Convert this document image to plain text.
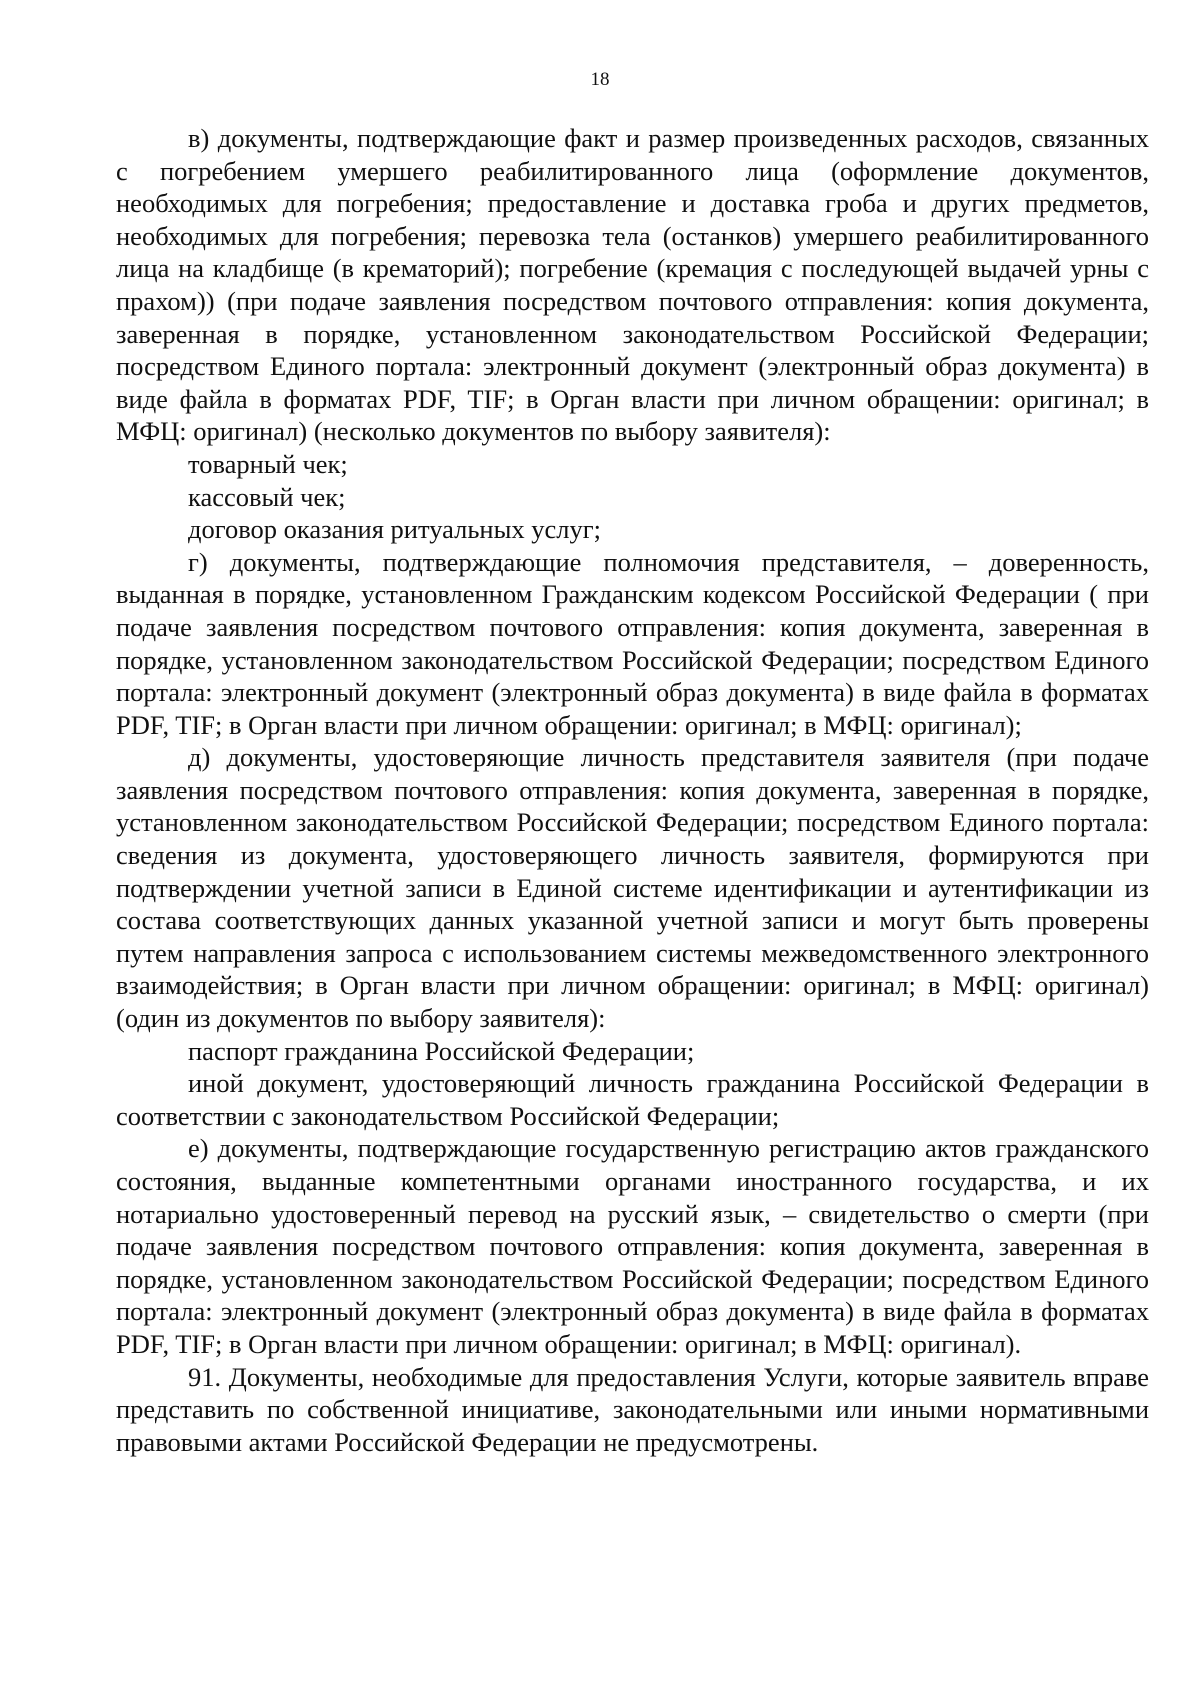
18

в) документы, подтверждающие факт и размер произведенных расходов, связанных с погребением умершего реабилитированного лица (оформление документов, необходимых для погребения; предоставление и доставка гроба и других предметов, необходимых для погребения; перевозка тела (останков) умершего реабилитированного лица на кладбище (в крематорий); погребение (кремация с последующей выдачей урны с прахом)) (при подаче заявления посредством почтового отправления: копия документа, заверенная в порядке, установленном законодательством Российской Федерации; посредством Единого портала: электронный документ (электронный образ документа) в виде файла в форматах PDF, TIF; в Орган власти при личном обращении: оригинал; в МФЦ: оригинал) (несколько документов по выбору заявителя):

товарный чек;

кассовый чек;

договор оказания ритуальных услуг;

г) документы, подтверждающие полномочия представителя, – доверенность, выданная в порядке, установленном Гражданским кодексом Российской Федерации ( при подаче заявления посредством почтового отправления: копия документа, заверенная в порядке, установленном законодательством Российской Федерации; посредством Единого портала: электронный документ (электронный образ документа) в виде файла в форматах PDF, TIF; в Орган власти при личном обращении: оригинал; в МФЦ: оригинал);

д) документы, удостоверяющие личность представителя заявителя (при подаче заявления посредством почтового отправления: копия документа, заверенная в порядке, установленном законодательством Российской Федерации; посредством Единого портала: сведения из документа, удостоверяющего личность заявителя, формируются при подтверждении учетной записи в Единой системе идентификации и аутентификации из состава соответствующих данных указанной учетной записи и могут быть проверены путем направления запроса с использованием системы межведомственного электронного взаимодействия; в Орган власти при личном обращении: оригинал; в МФЦ: оригинал) (один из документов по выбору заявителя):

паспорт гражданина Российской Федерации;

иной документ, удостоверяющий личность гражданина Российской Федерации в соответствии с законодательством Российской Федерации;

е) документы, подтверждающие государственную регистрацию актов гражданского состояния, выданные компетентными органами иностранного государства, и их нотариально удостоверенный перевод на русский язык, – свидетельство о смерти (при подаче заявления посредством почтового отправления: копия документа, заверенная в порядке, установленном законодательством Российской Федерации; посредством Единого портала: электронный документ (электронный образ документа) в виде файла в форматах PDF, TIF; в Орган власти при личном обращении: оригинал; в МФЦ: оригинал).

91. Документы, необходимые для предоставления Услуги, которые заявитель вправе представить по собственной инициативе, законодательными или иными нормативными правовыми актами Российской Федерации не предусмотрены.
